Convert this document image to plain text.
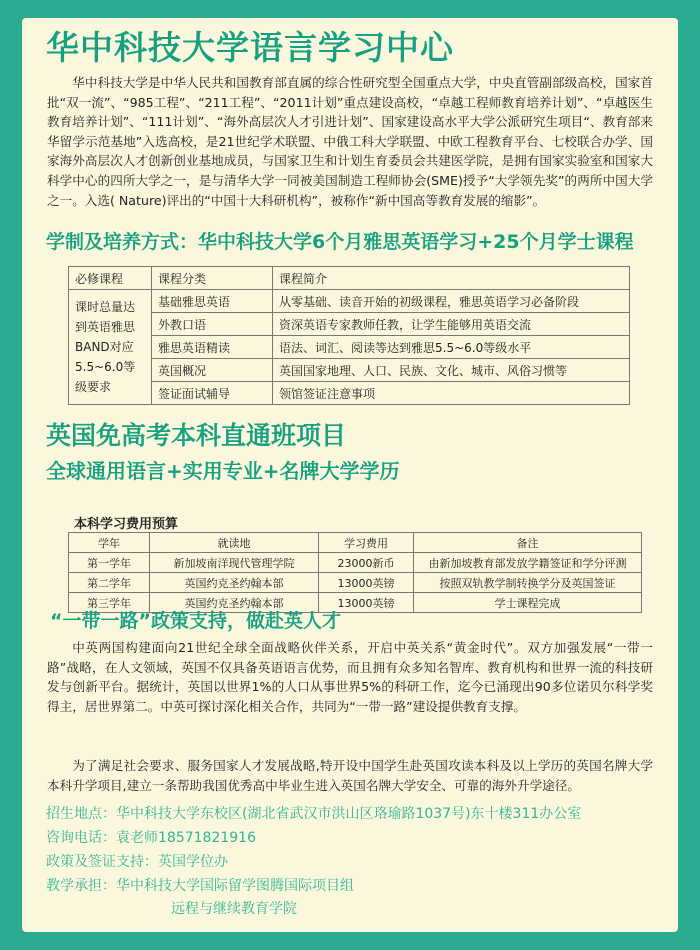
华中科技大学语言学习中心
华中科技大学是中华人民共和国教育部直属的综合性研究型全国重点大学，中央直管副部级高校，国家首批“双一流”、“985工程”、“211工程”、“2011计划”重点建设高校，“卓越工程师教育培养计划”、“卓越医生教育培养计划”、“111计划”、“海外高层次人才引进计划”、国家建设高水平大学公派研究生项目“、教育部来华留学示范基地”入选高校，是21世纪学术联盟、中俄工科大学联盟、中欧工程教育平台、七校联合办学、国家海外高层次人才创新创业基地成员，与国家卫生和计划生育委员会共建医学院，是拥有国家实验室和国家大科学中心的四所大学之一，是与清华大学一同被美国制造工程师协会(SME)授予“大学领先奖”的两所中国大学之一。入选( Nature)评出的“中国十大科研机构”，被称作“新中国高等教育发展的缩影”。
学制及培养方式：华中科技大学6个月雅思英语学习+25个月学士课程
必修课程	课程分类	课程简介
课时总量达到英语雅思BAND对应5.5~6.0等级要求	基础雅思英语	从零基础、读音开始的初级课程，雅思英语学习必备阶段
	外教口语	资深英语专家教师任教，让学生能够用英语交流
	雅思英语精读	语法、词汇、阅读等达到雅思5.5~6.0等级水平
	英国概况	英国国家地理、人口、民族、文化、城市、风俗习惯等
	签证面试辅导	领馆签证注意事项
英国免高考本科直通班项目
全球通用语言+实用专业+名牌大学学历
本科学习费用预算
学年	就读地	学习费用	备注
第一学年	新加坡南洋现代管理学院	23000新币	由新加坡教育部发放学籍签证和学分评测
第二学年	英国约克圣约翰本部	13000英镑	按照双轨教学制转换学分及英国签证
第三学年	英国约克圣约翰本部	13000英镑	学士课程完成
“一带一路”政策支持，做赴英人才
中英两国构建面向21世纪全球全面战略伙伴关系，开启中英关系“黄金时代”。双方加强发展“一带一路”战略，在人文领域，英国不仅具备英语语言优势，而且拥有众多知名智库、教育机构和世界一流的科技研发与创新平台。据统计，英国以世界1%的人口从事世界5%的科研工作，迄今已涌现出90多位诺贝尔科学奖得主，居世界第二。中英可探讨深化相关合作，共同为“一带一路”建设提供教育支撑。
为了满足社会要求、服务国家人才发展战略,特开设中国学生赴英国攻读本科及以上学历的英国名牌大学本科升学项目,建立一条帮助我国优秀高中毕业生进入英国名牌大学安全、可靠的海外升学途径。
招生地点：华中科技大学东校区(湖北省武汉市洪山区珞瑜路1037号)东十楼311办公室
咨询电话：袁老师18571821916
政策及签证支持：英国学位办
教学承担：华中科技大学国际留学图腾国际项目组
远程与继续教育学院
